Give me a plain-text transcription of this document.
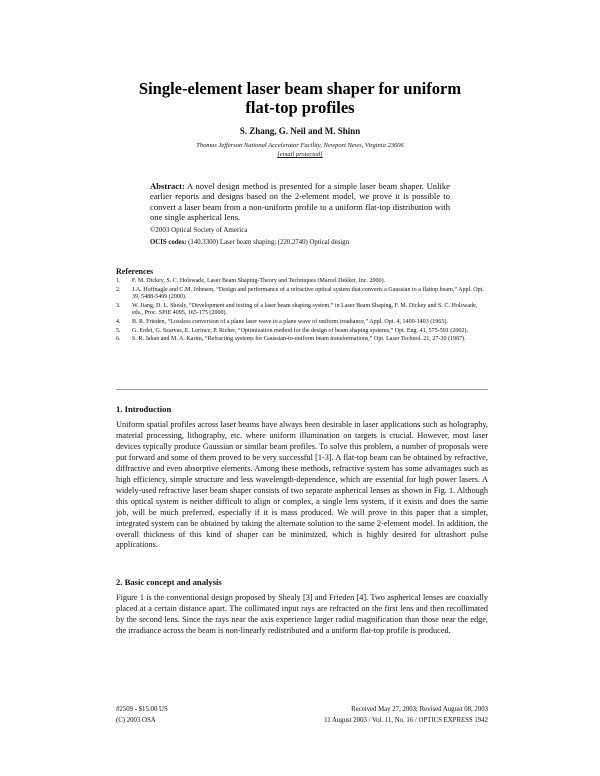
Single-element laser beam shaper for uniform
flat-top profiles
S. Zhang, G. Neil and M. Shinn
Thomas Jefferson National Accelerator Facility, Newport News, Virginia 23606
[email protected]
Abstract: A novel design method is presented for a simple laser beam shaper. Unlike earlier reports and designs based on the 2-element model, we prove it is possible to convert a laser beam from a non-uniform profile to a uniform flat-top distribution with one single aspherical lens.
©2003 Optical Society of America
OCIS codes: (140.3300) Laser beam shaping; (220.2740) Optical design
References
1.	F. M. Dickey, S. C. Holswade, Laser Beam Shaping-Theory and Techniques (Marcel Dekker, Inc. 2000).
2.	J.A. Hoffnagle and C.M. Johnson, “Design and performance of a refractive optical system that converts a Gaussian to a flattop beam,” Appl. Opt. 39, 5488-5499 (2000).
3.	W. Jiang, D. L. Shealy, “Development and testing of a laser beam shaping system,” in Laser Beam Shaping, F. M. Dickey and S. C. Holswade, eds., Proc. SPIE 4095, 165-175 (2000).
4.	B. R. Frieden, “Lossless conversion of a plane laser wave to a plane wave of uniform irradiance,” Appl. Opt. 4, 1400-1403 (1965).
5.	G. Erdei, G. Szarvas, E. Lorincz, P. Richer, “Optimization method for the design of beam shaping systems,” Opt. Eng. 41, 575-591 (2002).
6.	S. R. Jahan and M. A. Karim, “Refracting systems for Gaussian-to-uniform beam transformations,” Opt. Laser Technol. 21, 27-30 (1987).
1. Introduction
Uniform spatial profiles across laser beams have always been desirable in laser applications such as holography, material processing, lithography, etc. where uniform illumination on targets is crucial. However, most laser devices typically produce Gaussian or similar beam profiles. To solve this problem, a number of proposals were put forward and some of them proved to be very successful [1-3]. A flat-top beam can be obtained by refractive, diffractive and even absorptive elements. Among these methods, refractive system has some advantages such as high efficiency, simple structure and less wavelength-dependence, which are essential for high power lasers. A widely-used refractive laser beam shaper consists of two separate aspherical lenses as shown in Fig. 1. Although this optical system is neither difficult to align or complex, a single lens system, if it exists and does the same job, will be much preferred, especially if it is mass produced. We will prove in this paper that a simpler, integrated system can be obtained by taking the alternate solution to the same 2-element model. In addition, the overall thickness of this kind of shaper can be minimized, which is highly desired for ultrashort pulse applications.
2. Basic concept and analysis
Figure 1 is the conventional design proposed by Shealy [3] and Frieden [4]. Two aspherical lenses are coaxially placed at a certain distance apart. The collimated input rays are refracted on the first lens and then recollimated by the second lens. Since the rays near the axis experience larger radial magnification than those near the edge, the irradiance across the beam is non-linearly redistributed and a uniform flat-top profile is produced.
#2509 - $15.00 US
(C) 2003 OSA
Received May 27, 2003; Revised August 08, 2003
11 August 2003 / Vol. 11, No. 16 / OPTICS EXPRESS 1942
